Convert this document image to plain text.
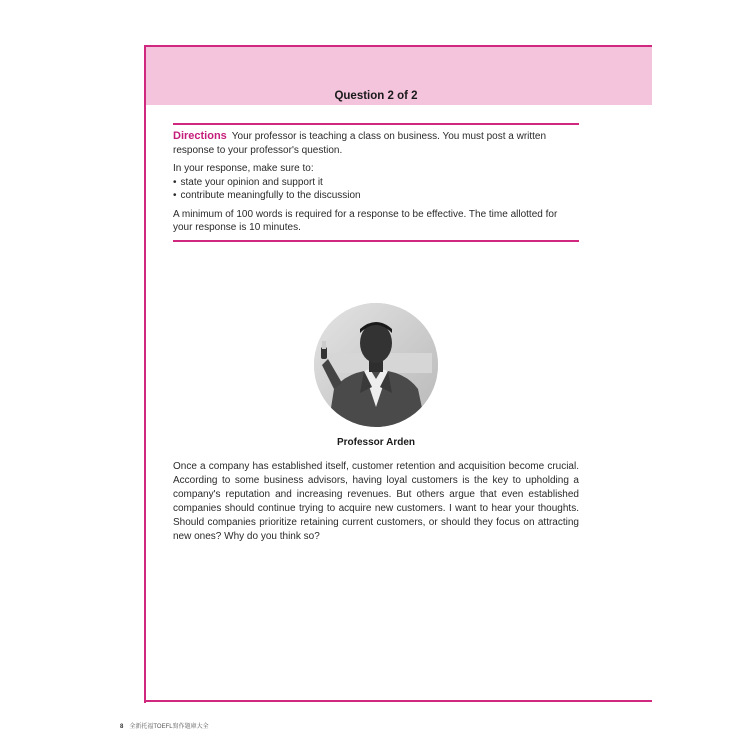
Question 2 of 2

Directions Your professor is teaching a class on business. You must post a written response to your professor's question.

In your response, make sure to:

• state your opinion and support it
• contribute meaningfully to the discussion

A minimum of 100 words is required for a response to be effective. The time allotted for your response is 10 minutes.

Professor Arden

Once a company has established itself, customer retention and acquisition become crucial. According to some business advisors, having loyal customers is the key to upholding a company's reputation and increasing revenues. But others argue that even established companies should continue trying to acquire new customers. I want to hear your thoughts. Should companies prioritize retaining current customers, or should they focus on attracting new ones? Why do you think so?

8 全新托福TOEFL寫作題庫大全
